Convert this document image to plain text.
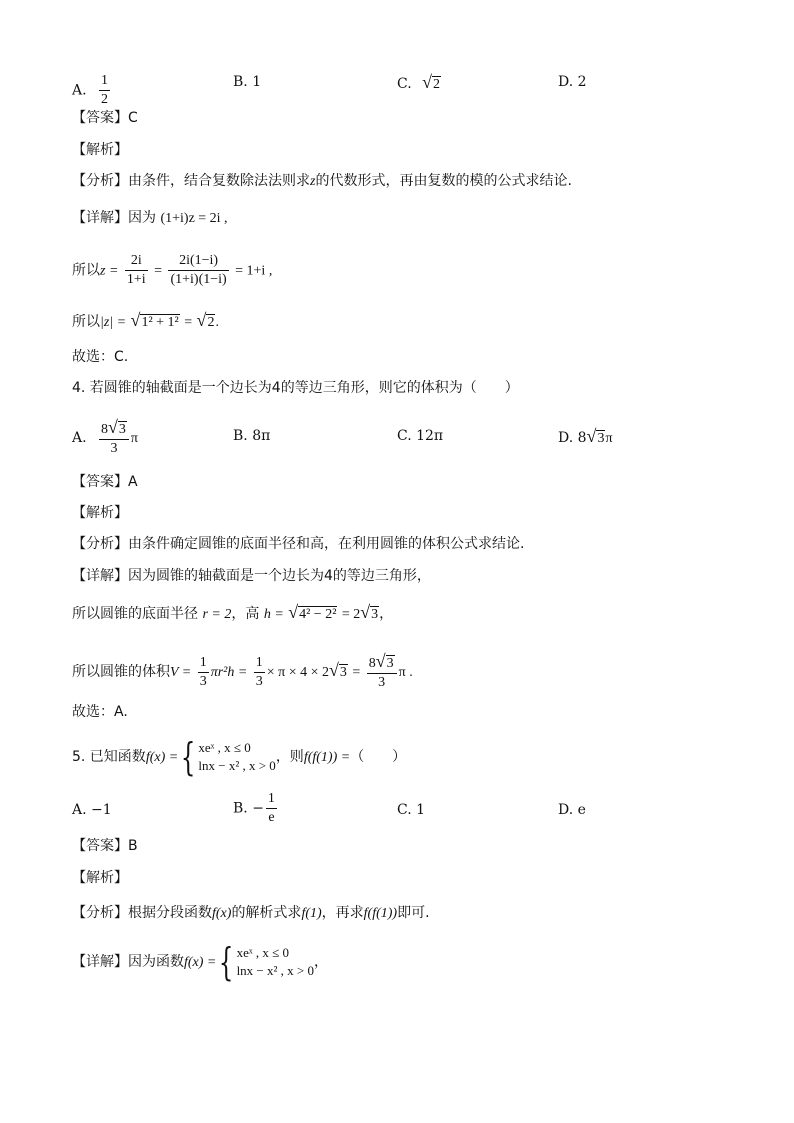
A. $\frac{1}{2}$	B. 1	C. √2	D. 2
【答案】C
【解析】
【分析】由条件，结合复数除法法则求z的代数形式，再由复数的模的公式求结论.
【详解】因为 (1+i)z = 2i ,
所以$z = \frac{2i}{1+i} = \frac{2i(1-i)}{(1+i)(1-i)} = 1+i$ ,
所以|z| = √1² + 1² = √2.
故选：C.
4. 若圆锥的轴截面是一个边长为4的等边三角形，则它的体积为（　　）
A. $\frac{8√3}{3}$ π	B. 8π	C. 12π	D. 8√3π
【答案】A
【解析】
【分析】由条件确定圆锥的底面半径和高，在利用圆锥的体积公式求结论.
【详解】因为圆锥的轴截面是一个边长为4的等边三角形，
所以圆锥的底面半径 r = 2，高 h = √4² − 2² = 2√3，
所以圆锥的体积$V = \frac{1}{3} \pi r^2h = \frac{1}{3} \times \pi \times 4 \times 2√3 = \frac{8√3}{3}$ π .
故选：A.
5. 已知函数f(x) ={ xeˣ , x ≤ 0
lnx − x² , x > 0
，则f(f(1)) =（　　）
A. −1	B. − $\frac{1}{e}$	C. 1	D. e
【答案】B
【解析】
【分析】根据分段函数f(x)的解析式求f(1)，再求f(f(1))即可.
【详解】因为函数f(x) ={ xeˣ , x ≤ 0
lnx − x² , x > 0
，
